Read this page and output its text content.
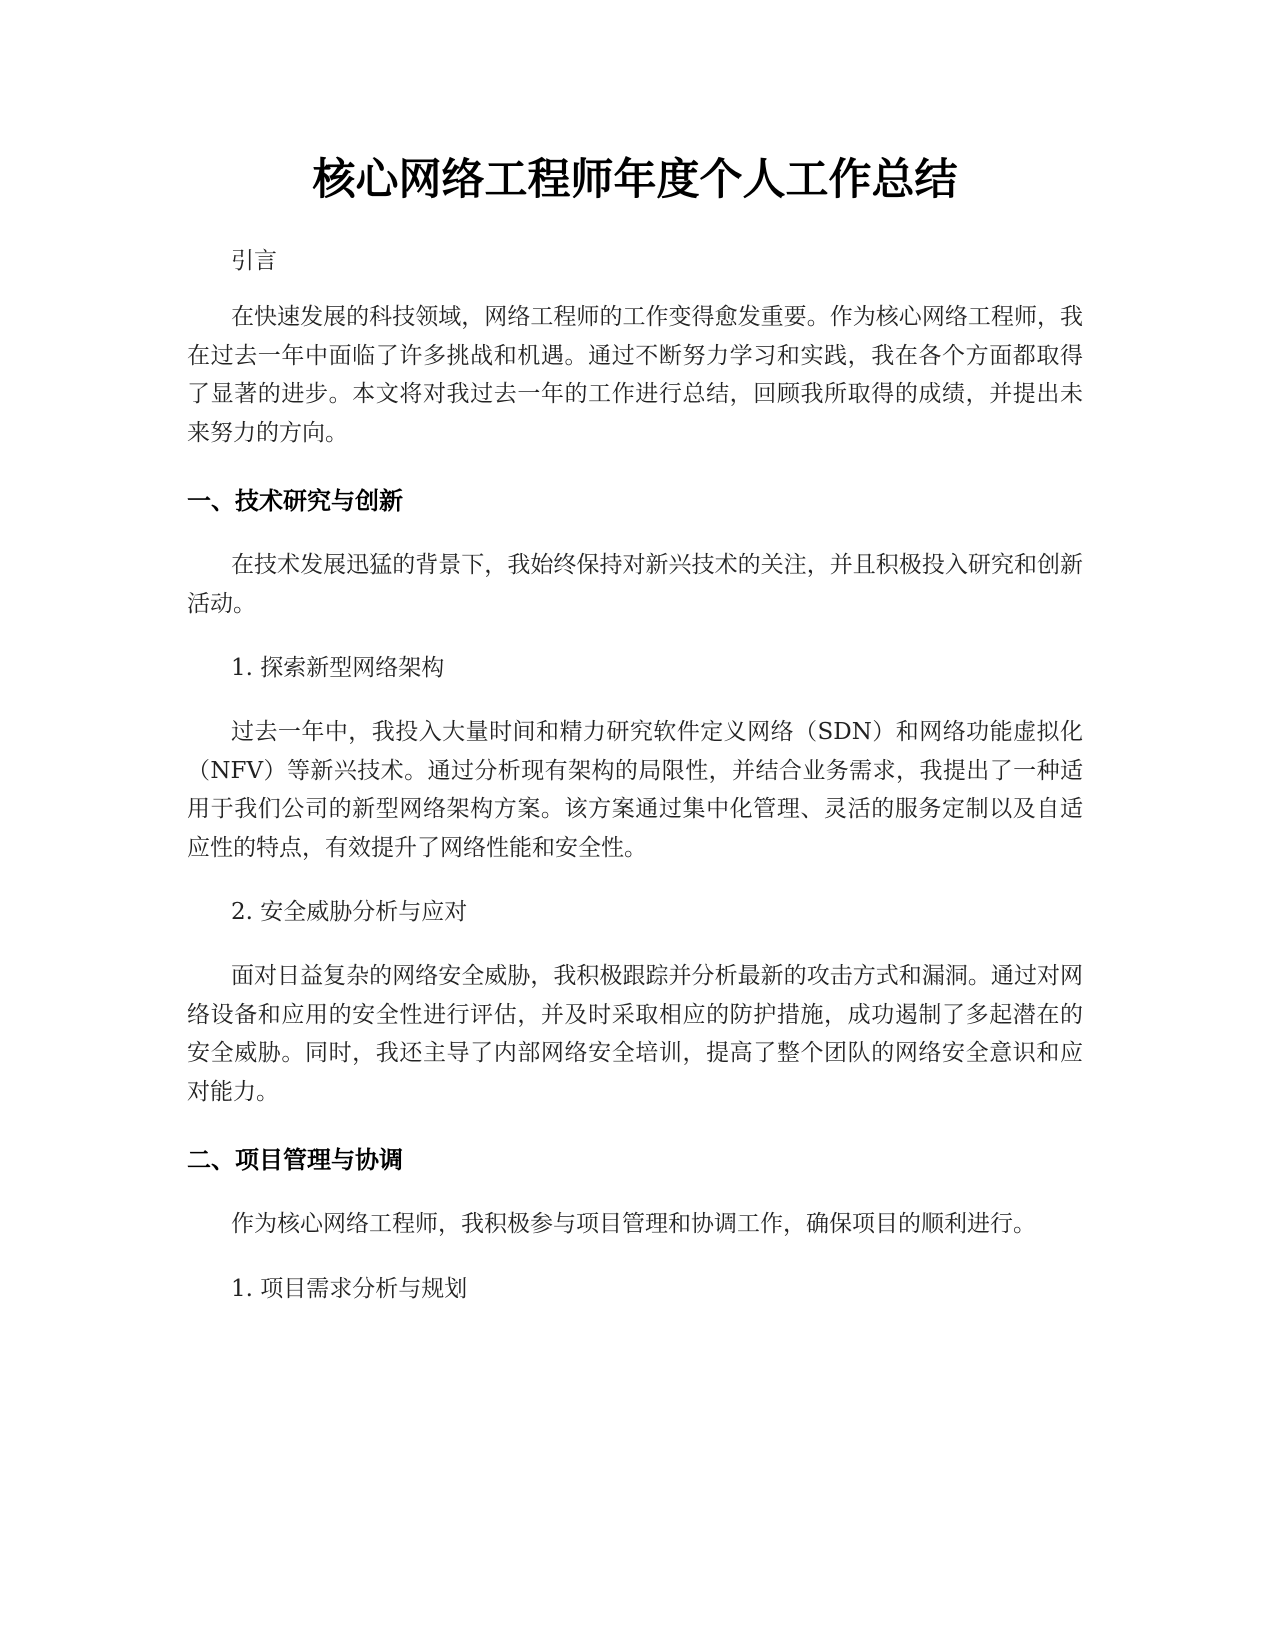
核心网络工程师年度个人工作总结

引言

在快速发展的科技领域，网络工程师的工作变得愈发重要。作为核心网络工程师，我在过去一年中面临了许多挑战和机遇。通过不断努力学习和实践，我在各个方面都取得了显著的进步。本文将对我过去一年的工作进行总结，回顾我所取得的成绩，并提出未来努力的方向。

一、技术研究与创新

在技术发展迅猛的背景下，我始终保持对新兴技术的关注，并且积极投入研究和创新活动。

1. 探索新型网络架构

过去一年中，我投入大量时间和精力研究软件定义网络（SDN）和网络功能虚拟化（NFV）等新兴技术。通过分析现有架构的局限性，并结合业务需求，我提出了一种适用于我们公司的新型网络架构方案。该方案通过集中化管理、灵活的服务定制以及自适应性的特点，有效提升了网络性能和安全性。

2. 安全威胁分析与应对

面对日益复杂的网络安全威胁，我积极跟踪并分析最新的攻击方式和漏洞。通过对网络设备和应用的安全性进行评估，并及时采取相应的防护措施，成功遏制了多起潜在的安全威胁。同时，我还主导了内部网络安全培训，提高了整个团队的网络安全意识和应对能力。

二、项目管理与协调

作为核心网络工程师，我积极参与项目管理和协调工作，确保项目的顺利进行。

1. 项目需求分析与规划
